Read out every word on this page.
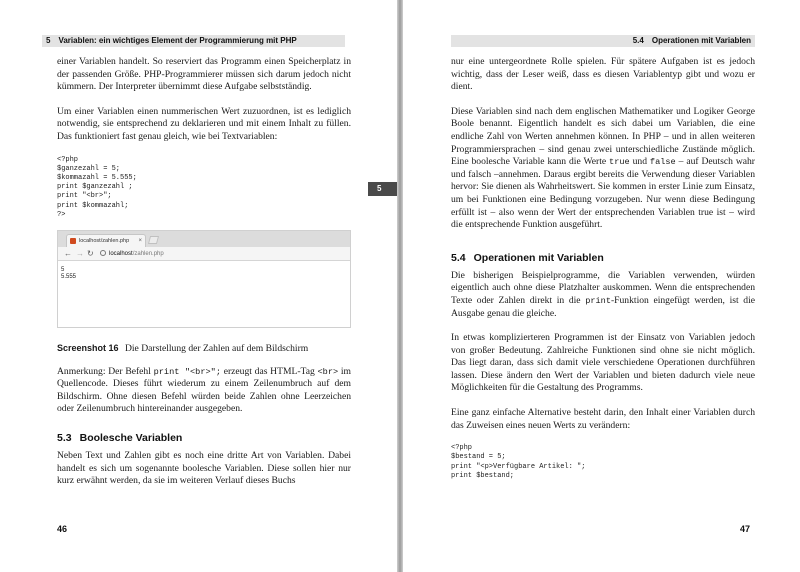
5 Variablen: ein wichtiges Element der Programmierung mit PHP

einer Variablen handelt. So reserviert das Programm einen Speicherplatz in der passenden Größe. PHP-Programmierer müssen sich darum jedoch nicht kümmern. Der Interpreter übernimmt diese Aufgabe selbstständig.

Um einer Variablen einen nummerischen Wert zuzuordnen, ist es lediglich notwendig, sie entsprechend zu deklarieren und mit einem Inhalt zu füllen. Das funktioniert fast genau gleich, wie bei Textvariablen:

<?php
$ganzezahl = 5;
$kommazahl = 5.555;
print $ganzezahl ;
print "<br>";
print $kommazahl;
?>
localhost/zahlen.php ×
← → ↻	localhost/zahlen.php
5
5.555

Screenshot 16 Die Darstellung der Zahlen auf dem Bildschirm

Anmerkung: Der Befehl print "<br>"; erzeugt das HTML-Tag <br> im Quellencode. Dieses führt wiederum zu einem Zeilenumbruch auf dem Bildschirm. Ohne diesen Befehl würden beide Zahlen ohne Leerzeichen oder Zeilenumbruch hintereinander ausgegeben.

5.3 Boolesche Variablen

Neben Text und Zahlen gibt es noch eine dritte Art von Variablen. Dabei handelt es sich um sogenannte boolesche Variablen. Diese sollen hier nur kurz erwähnt werden, da sie im weiteren Verlauf dieses Buchs

46
5.4 Operationen mit Variablen

nur eine untergeordnete Rolle spielen. Für spätere Aufgaben ist es jedoch wichtig, dass der Leser weiß, dass es diesen Variablentyp gibt und wozu er dient.

Diese Variablen sind nach dem englischen Mathematiker und Logiker George Boole benannt. Eigentlich handelt es sich dabei um Variablen, die eine endliche Zahl von Werten annehmen können. In PHP – und in allen weiteren Programmiersprachen – sind genau zwei unterschiedliche Zustände möglich. Eine boolesche Variable kann die Werte true und false – auf Deutsch wahr und falsch –annehmen. Daraus ergibt bereits die Verwendung dieser Variablen hervor: Sie dienen als Wahrheitswert. Sie kommen in erster Linie zum Einsatz, um bei Funktionen eine Bedingung vorzugeben. Nur wenn diese Bedingung erfüllt ist – also wenn der Wert der entsprechenden Variablen true ist – wird die entsprechende Funktion ausgeführt.

5.4 Operationen mit Variablen

Die bisherigen Beispielprogramme, die Variablen verwenden, würden eigentlich auch ohne diese Platzhalter auskommen. Wenn die entsprechenden Texte oder Zahlen direkt in die print-Funktion eingefügt werden, ist die Ausgabe genau die gleiche.

In etwas komplizierteren Programmen ist der Einsatz von Variablen jedoch von großer Bedeutung. Zahlreiche Funktionen sind ohne sie nicht möglich. Das liegt daran, dass sich damit viele verschiedene Operationen durchführen lassen. Diese ändern den Wert der Variablen und bieten dadurch viele neue Möglichkeiten für die Gestaltung des Programms.

Eine ganz einfache Alternative besteht darin, den Inhalt einer Variablen durch das Zuweisen eines neuen Werts zu verändern:

<?php
$bestand = 5;
print "<p>Verfügbare Artikel: ";
print $bestand;
47
5
